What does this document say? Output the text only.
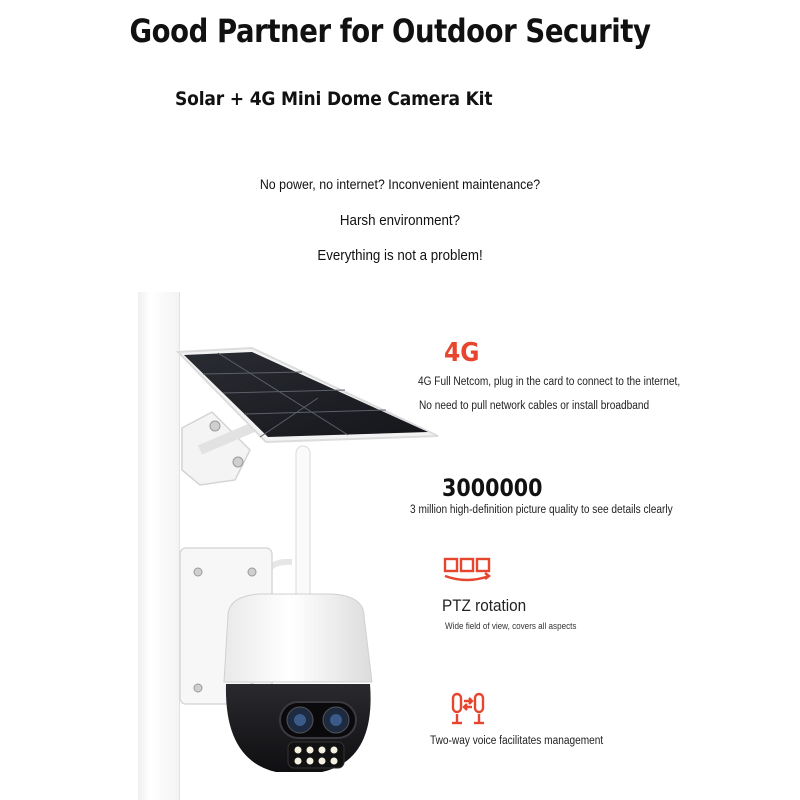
Good Partner for Outdoor Security
Solar + 4G Mini Dome Camera Kit
No power, no internet? Inconvenient maintenance?
Harsh environment?
Everything is not a problem!
4G
4G Full Netcom, plug in the card to connect to the internet,
No need to pull network cables or install broadband
3000000
3 million high-definition picture quality to see details clearly
PTZ rotation
Wide field of view, covers all aspects
Two-way voice facilitates management
